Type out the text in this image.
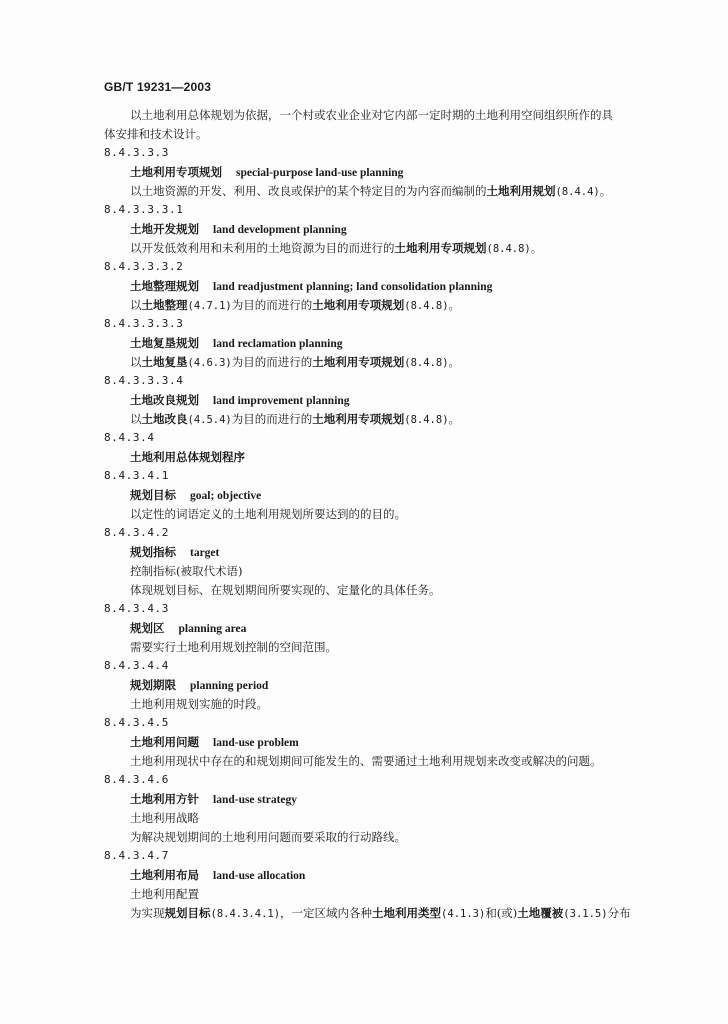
GB/T 19231—2003
以土地利用总体规划为依据，一个村或农业企业对它内部一定时期的土地利用空间组织所作的具
体安排和技术设计。
8.4.3.3.3
土地利用专项规划 special-purpose land-use planning
以土地资源的开发、利用、改良或保护的某个特定目的为内容而编制的土地利用规划(8.4.4)。
8.4.3.3.3.1
土地开发规划 land development planning
以开发低效利用和未利用的土地资源为目的而进行的土地利用专项规划(8.4.8)。
8.4.3.3.3.2
土地整理规划 land readjustment planning; land consolidation planning
以土地整理(4.7.1)为目的而进行的土地利用专项规划(8.4.8)。
8.4.3.3.3.3
土地复垦规划 land reclamation planning
以土地复垦(4.6.3)为目的而进行的土地利用专项规划(8.4.8)。
8.4.3.3.3.4
土地改良规划 land improvement planning
以土地改良(4.5.4)为目的而进行的土地利用专项规划(8.4.8)。
8.4.3.4
土地利用总体规划程序
8.4.3.4.1
规划目标 goal; objective
以定性的词语定义的土地利用规划所要达到的的目的。
8.4.3.4.2
规划指标 target
控制指标(被取代术语)
体现规划目标、在规划期间所要实现的、定量化的具体任务。
8.4.3.4.3
规划区 planning area
需要实行土地利用规划控制的空间范围。
8.4.3.4.4
规划期限 planning period
土地利用规划实施的时段。
8.4.3.4.5
土地利用问题 land-use problem
土地利用现状中存在的和规划期间可能发生的、需要通过土地利用规划来改变或解决的问题。
8.4.3.4.6
土地利用方针 land-use strategy
土地利用战略
为解决规划期间的土地利用问题而要采取的行动路线。
8.4.3.4.7
土地利用布局 land-use allocation
土地利用配置
为实现规划目标(8.4.3.4.1)，一定区域内各种土地利用类型(4.1.3)和(或)土地覆被(3.1.5)分布
